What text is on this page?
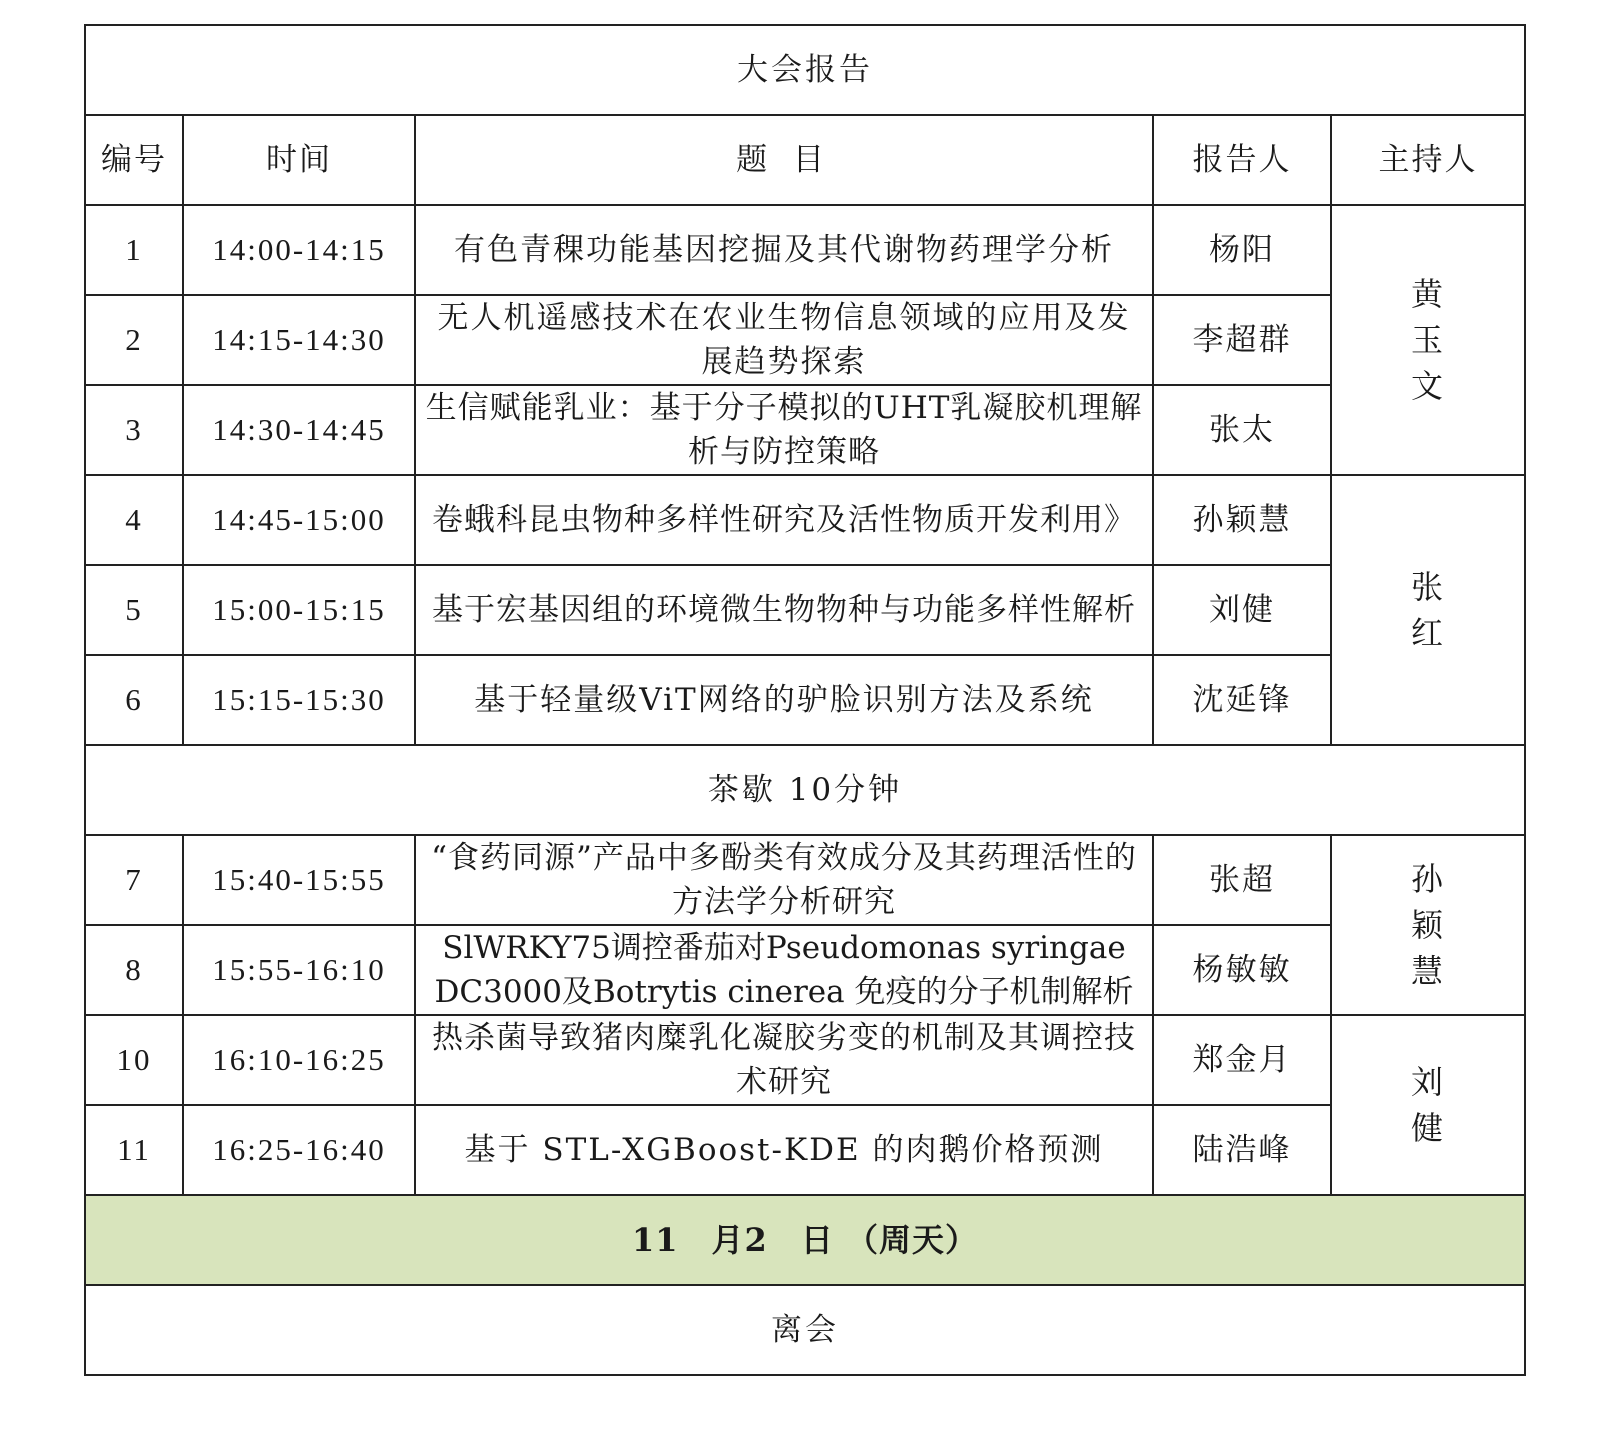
大会报告				
编号	时间	题 目	报告人	主持人
1	14:00-14:15	有色青稞功能基因挖掘及其代谢物药理学分析	杨阳	黄玉文
2	14:15-14:30	无人机遥感技术在农业生物信息领域的应用及发展趋势探索	李超群	
3	14:30-14:45	生信赋能乳业：基于分子模拟的UHT乳凝胶机理解析与防控策略	张太	
4	14:45-15:00	卷蛾科昆虫物种多样性研究及活性物质开发利用》	孙颖慧	张红
5	15:00-15:15	基于宏基因组的环境微生物物种与功能多样性解析	刘健	
6	15:15-15:30	基于轻量级ViT网络的驴脸识别方法及系统	沈延锋	
茶歇 10分钟				
7	15:40-15:55	“食药同源”产品中多酚类有效成分及其药理活性的方法学分析研究	张超	孙颖慧
8	15:55-16:10	SlWRKY75调控番茄对Pseudomonas syringae DC3000及Botrytis cinerea 免疫的分子机制解析	杨敏敏	
10	16:10-16:25	热杀菌导致猪肉糜乳化凝胶劣变的机制及其调控技术研究	郑金月	刘健
11	16:25-16:40	基于 STL-XGBoost-KDE 的肉鹅价格预测	陆浩峰	
11　月2　日 （周天）				
离会				
